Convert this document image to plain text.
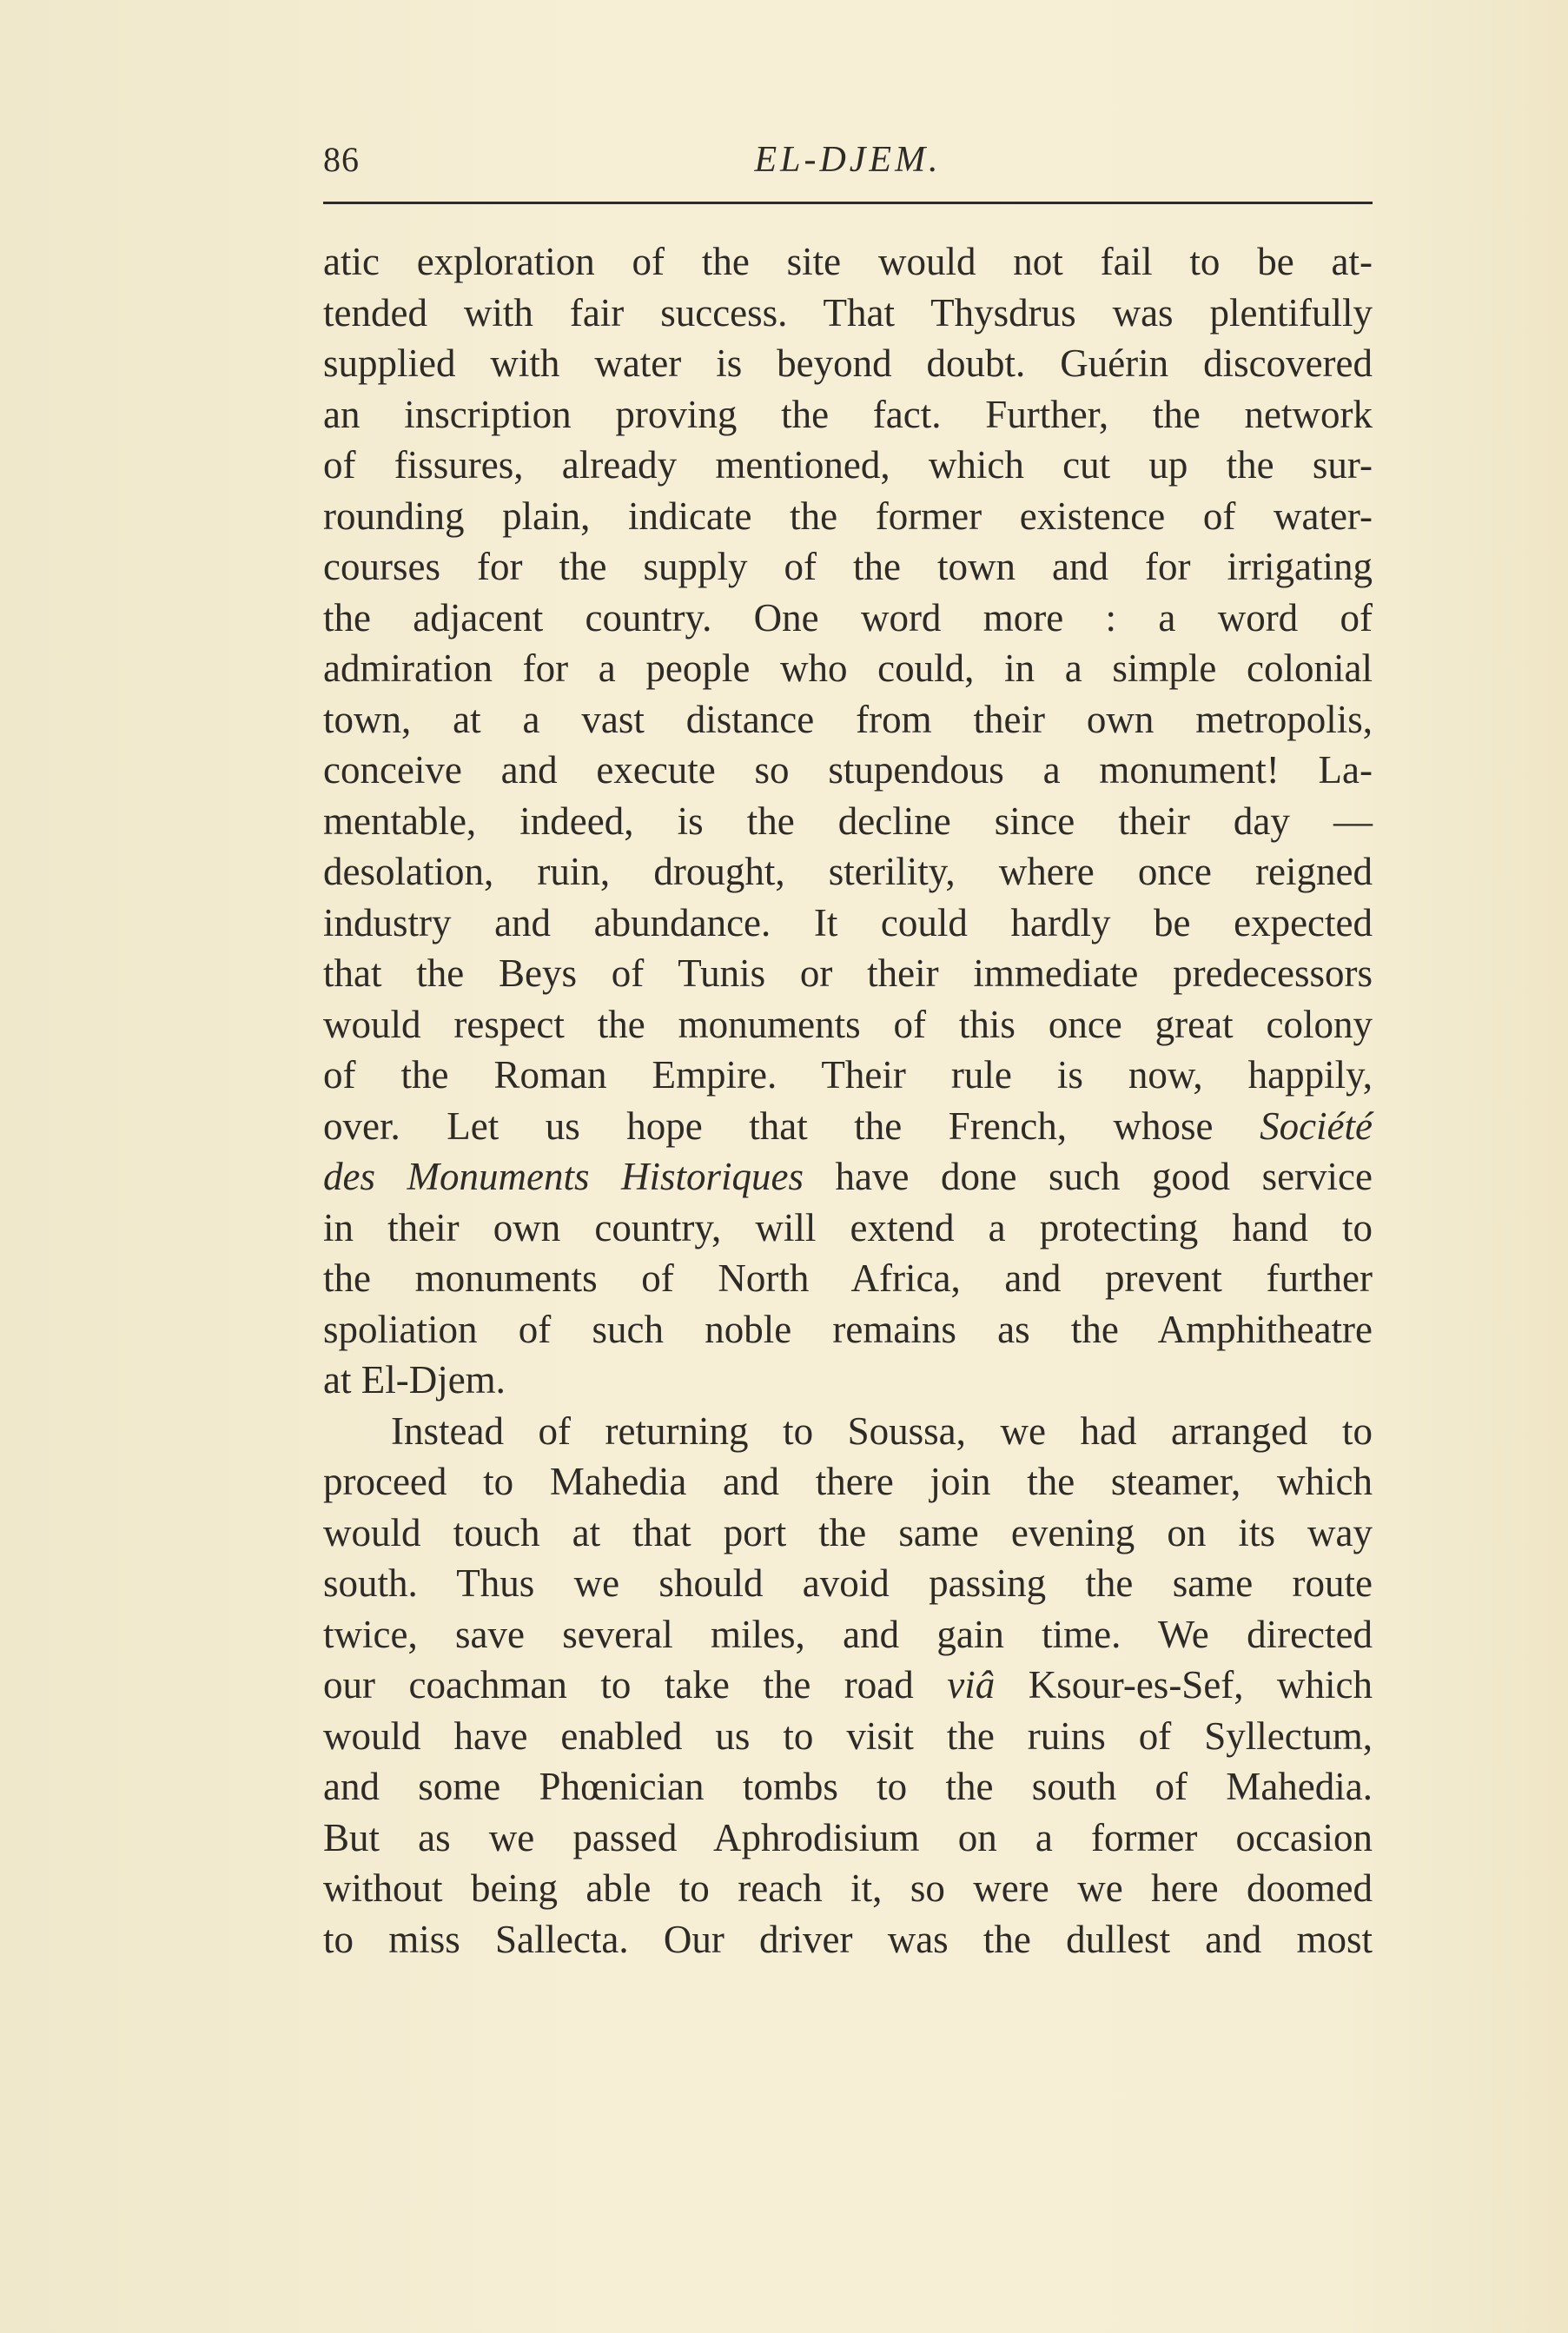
86	EL-DJEM.
atic exploration of the site would not fail to be at-
tended with fair success. That Thysdrus was plentifully
supplied with water is beyond doubt. Guérin discovered
an inscription proving the fact. Further, the network
of fissures, already mentioned, which cut up the sur-
rounding plain, indicate the former existence of water-
courses for the supply of the town and for irrigating
the adjacent country. One word more : a word of
admiration for a people who could, in a simple colonial
town, at a vast distance from their own metropolis,
conceive and execute so stupendous a monument! La-
mentable, indeed, is the decline since their day —
desolation, ruin, drought, sterility, where once reigned
industry and abundance. It could hardly be expected
that the Beys of Tunis or their immediate predecessors
would respect the monuments of this once great colony
of the Roman Empire. Their rule is now, happily,
over. Let us hope that the French, whose Société
des Monuments Historiques have done such good service
in their own country, will extend a protecting hand to
the monuments of North Africa, and prevent further
spoliation of such noble remains as the Amphitheatre
at El-Djem.
Instead of returning to Soussa, we had arranged to
proceed to Mahedia and there join the steamer, which
would touch at that port the same evening on its way
south. Thus we should avoid passing the same route
twice, save several miles, and gain time. We directed
our coachman to take the road viâ Ksour-es-Sef, which
would have enabled us to visit the ruins of Syllectum,
and some Phœnician tombs to the south of Mahedia.
But as we passed Aphrodisium on a former occasion
without being able to reach it, so were we here doomed
to miss Sallecta. Our driver was the dullest and most
